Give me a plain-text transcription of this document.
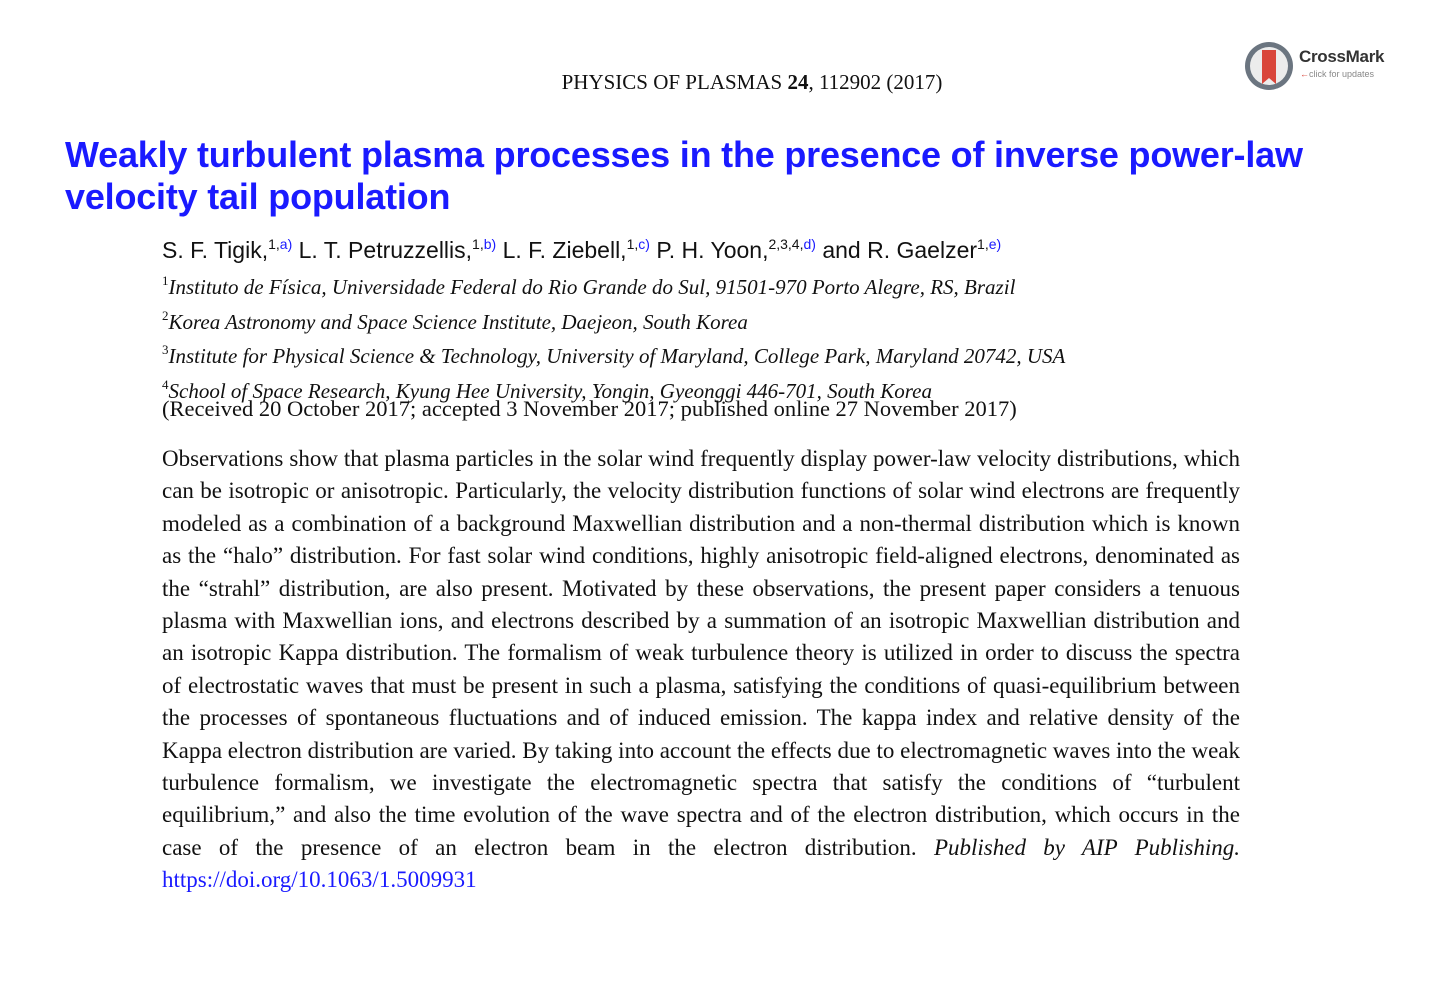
PHYSICS OF PLASMAS 24, 112902 (2017)
CrossMark
←click for updates
Weakly turbulent plasma processes in the presence of inverse power-law velocity tail population
S. F. Tigik,$^{1,a)}$ L. T. Petruzzellis,$^{1,b)}$ L. F. Ziebell,$^{1,c)}$ P. H. Yoon,$^{2,3,4,d)}$ and R. Gaelzer$^{1,e)}$
$^1$Instituto de Física, Universidade Federal do Rio Grande do Sul, 91501-970 Porto Alegre, RS, Brazil
$^2$Korea Astronomy and Space Science Institute, Daejeon, South Korea
$^3$Institute for Physical Science & Technology, University of Maryland, College Park, Maryland 20742, USA
$^4$School of Space Research, Kyung Hee University, Yongin, Gyeonggi 446-701, South Korea
(Received 20 October 2017; accepted 3 November 2017; published online 27 November 2017)
Observations show that plasma particles in the solar wind frequently display power-law velocity distributions, which can be isotropic or anisotropic. Particularly, the velocity distribution functions of solar wind electrons are frequently modeled as a combination of a background Maxwellian distribution and a non-thermal distribution which is known as the “halo” distribution. For fast solar wind conditions, highly anisotropic field-aligned electrons, denominated as the “strahl” distribution, are also present. Motivated by these observations, the present paper considers a tenuous plasma with Maxwellian ions, and electrons described by a summation of an isotropic Maxwellian distribution and an isotropic Kappa distribution. The formalism of weak turbulence theory is utilized in order to discuss the spectra of electrostatic waves that must be present in such a plasma, satisfying the conditions of quasi-equilibrium between the processes of spontaneous fluctuations and of induced emission. The kappa index and relative density of the Kappa electron distribution are varied. By taking into account the effects due to electromagnetic waves into the weak turbulence formalism, we investigate the electromagnetic spectra that satisfy the conditions of “turbulent equilibrium,” and also the time evolution of the wave spectra and of the electron distribution, which occurs in the case of the presence of an electron beam in the electron distribution. Published by AIP Publishing. https://doi.org/10.1063/1.5009931
